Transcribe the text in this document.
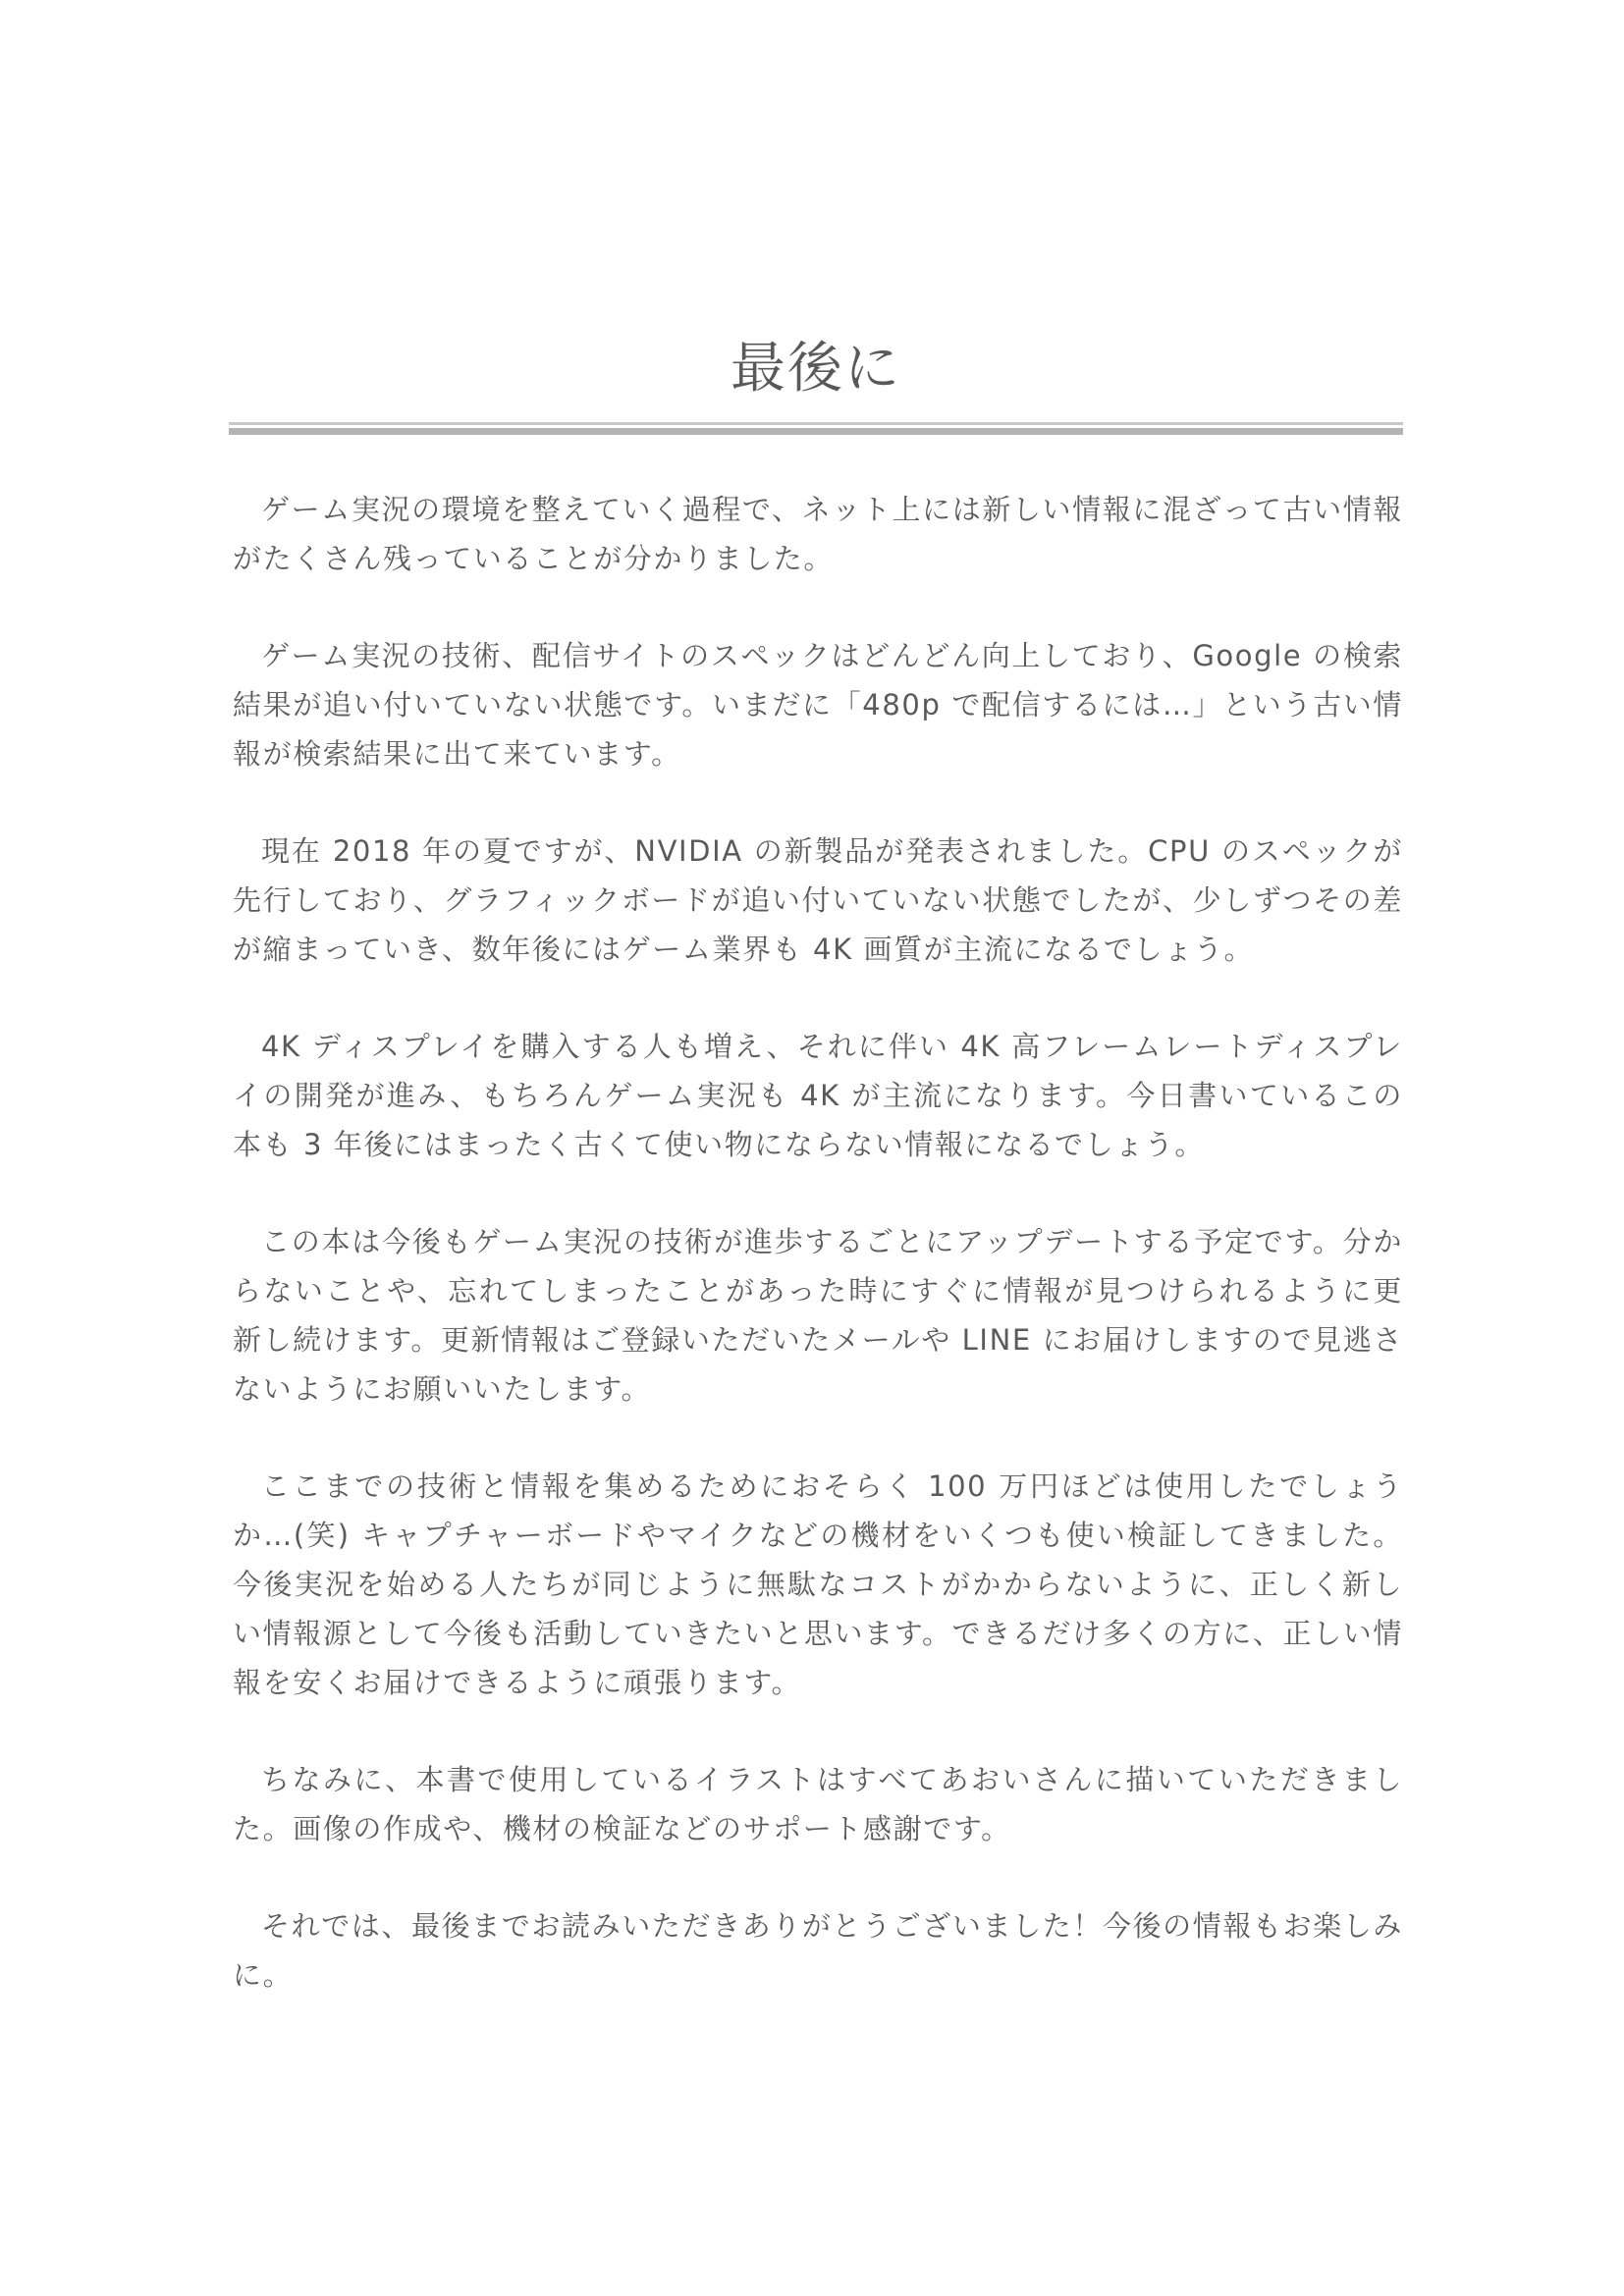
最後に

ゲーム実況の環境を整えていく過程で、ネット上には新しい情報に混ざって古い情報がたくさん残っていることが分かりました。

ゲーム実況の技術、配信サイトのスペックはどんどん向上しており、Google の検索結果が追い付いていない状態です。いまだに「480p で配信するには…」という古い情報が検索結果に出て来ています。

現在 2018 年の夏ですが、NVIDIA の新製品が発表されました。CPU のスペックが先行しており、グラフィックボードが追い付いていない状態でしたが、少しずつその差が縮まっていき、数年後にはゲーム業界も 4K 画質が主流になるでしょう。

4K ディスプレイを購入する人も増え、それに伴い 4K 高フレームレートディスプレイの開発が進み、もちろんゲーム実況も 4K が主流になります。今日書いているこの本も 3 年後にはまったく古くて使い物にならない情報になるでしょう。

この本は今後もゲーム実況の技術が進歩するごとにアップデートする予定です。分からないことや、忘れてしまったことがあった時にすぐに情報が見つけられるように更新し続けます。更新情報はご登録いただいたメールや LINE にお届けしますので見逃さないようにお願いいたします。

ここまでの技術と情報を集めるためにおそらく 100 万円ほどは使用したでしょうか…(笑) キャプチャーボードやマイクなどの機材をいくつも使い検証してきました。今後実況を始める人たちが同じように無駄なコストがかからないように、正しく新しい情報源として今後も活動していきたいと思います。できるだけ多くの方に、正しい情報を安くお届けできるように頑張ります。

ちなみに、本書で使用しているイラストはすべてあおいさんに描いていただきました。画像の作成や、機材の検証などのサポート感謝です。

それでは、最後までお読みいただきありがとうございました！今後の情報もお楽しみに。
